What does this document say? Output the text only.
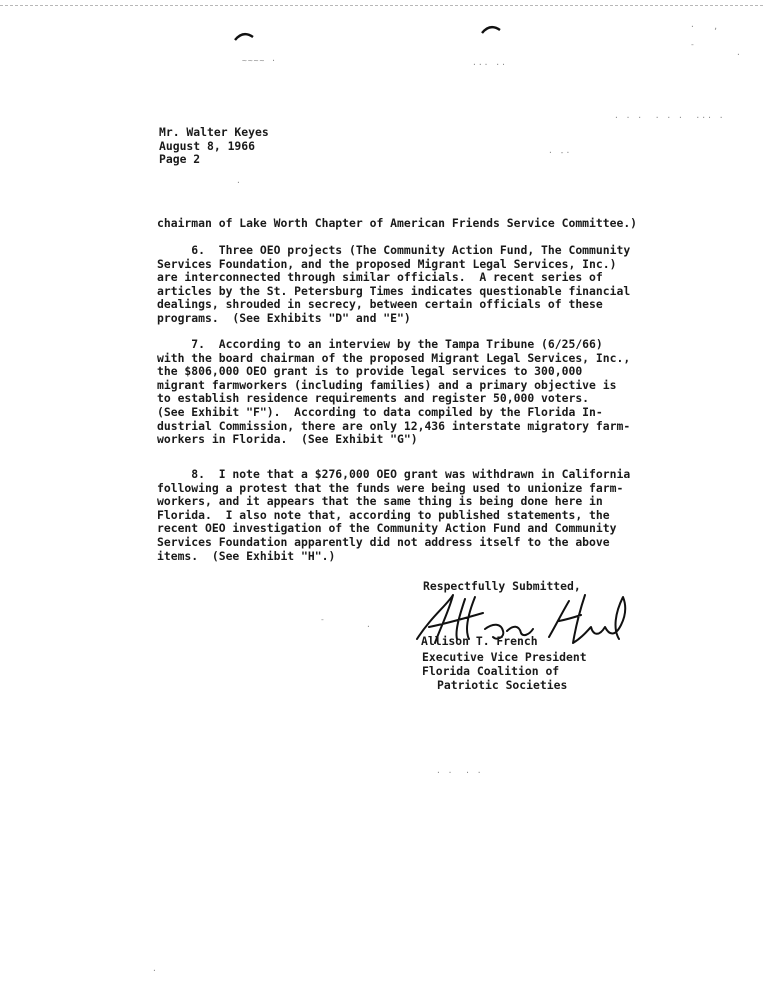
~~~~ ·	··· ··
·   ,
-
·
· · ·  · · ·  ··· ·
· -·
·
-
·
· ·  · ·
·

Mr. Walter Keyes

August 8, 1966

Page 2

chairman of Lake Worth Chapter of American Friends Service Committee.)

6.  Three OEO projects (The Community Action Fund, The Community

Services Foundation, and the proposed Migrant Legal Services, Inc.)

are interconnected through similar officials.  A recent series of

articles by the St. Petersburg Times indicates questionable financial

dealings, shrouded in secrecy, between certain officials of these

programs.  (See Exhibits "D" and "E")

7.  According to an interview by the Tampa Tribune (6/25/66)

with the board chairman of the proposed Migrant Legal Services, Inc.,

the $806,000 OEO grant is to provide legal services to 300,000

migrant farmworkers (including families) and a primary objective is

to establish residence requirements and register 50,000 voters.

(See Exhibit "F").  According to data compiled by the Florida In-

dustrial Commission, there are only 12,436 interstate migratory farm-

workers in Florida.  (See Exhibit "G")

8.  I note that a $276,000 OEO grant was withdrawn in California

following a protest that the funds were being used to unionize farm-

workers, and it appears that the same thing is being done here in

Florida.  I also note that, according to published statements, the

recent OEO investigation of the Community Action Fund and Community

Services Foundation apparently did not address itself to the above

items.  (See Exhibit "H".)

Respectfully Submitted,
Allison T. French
Executive Vice President
Florida Coalition of
Patriotic Societies
